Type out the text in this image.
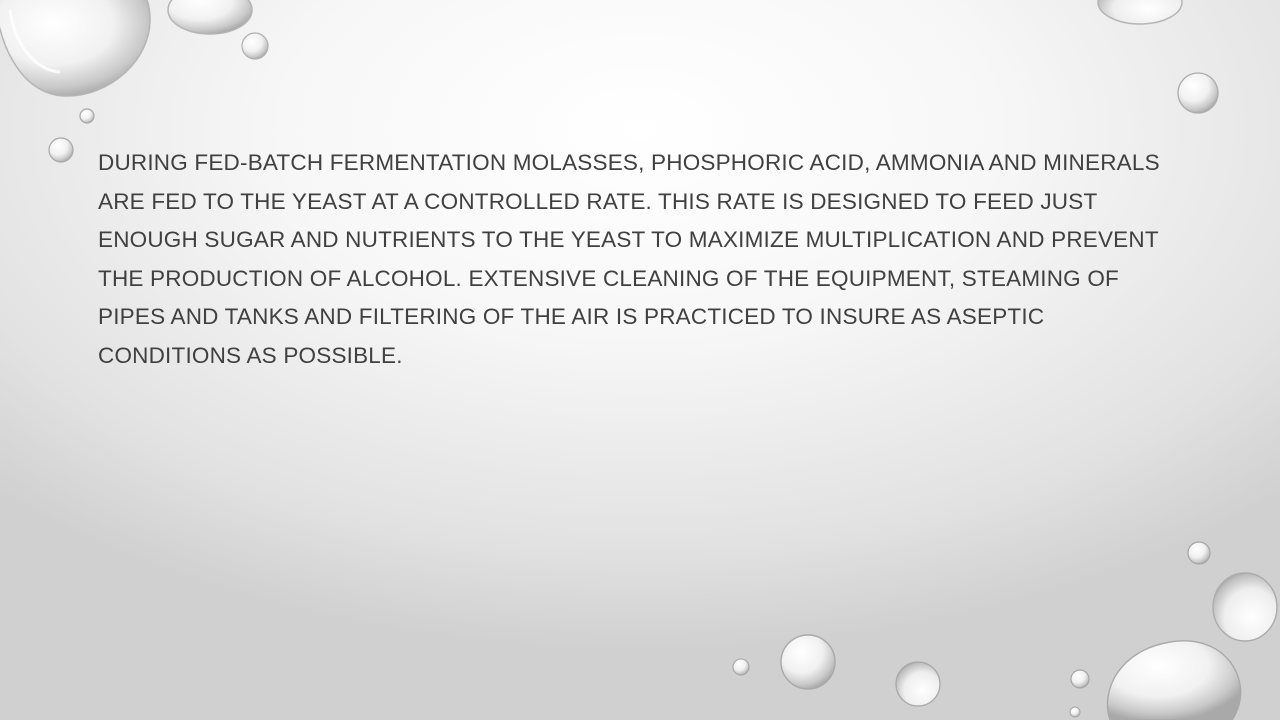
DURING FED-BATCH FERMENTATION MOLASSES, PHOSPHORIC ACID, AMMONIA AND MINERALS ARE FED TO THE YEAST AT A CONTROLLED RATE. THIS RATE IS DESIGNED TO FEED JUST ENOUGH SUGAR AND NUTRIENTS TO THE YEAST TO MAXIMIZE MULTIPLICATION AND PREVENT THE PRODUCTION OF ALCOHOL. EXTENSIVE CLEANING OF THE EQUIPMENT, STEAMING OF PIPES AND TANKS AND FILTERING OF THE AIR IS PRACTICED TO INSURE AS ASEPTIC CONDITIONS AS POSSIBLE.
